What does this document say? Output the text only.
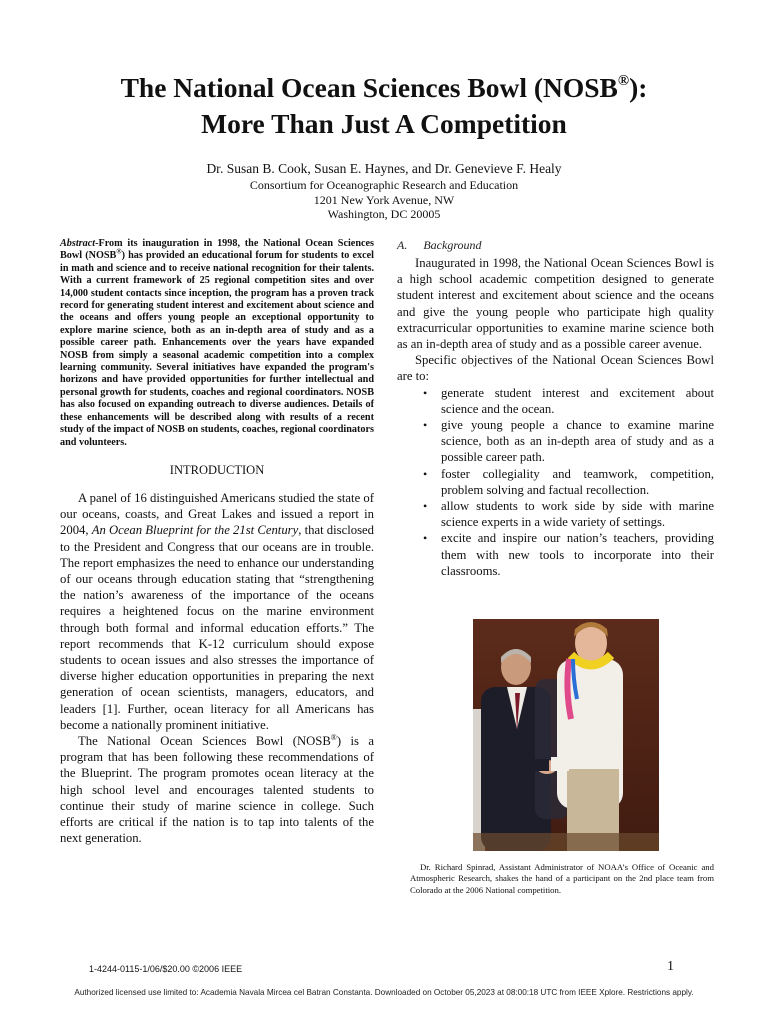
The National Ocean Sciences Bowl (NOSB®):
More Than Just A Competition
Dr. Susan B. Cook, Susan E. Haynes, and Dr. Genevieve F. Healy
Consortium for Oceanographic Research and Education
1201 New York Avenue, NW
Washington, DC 20005

Abstract-From its inauguration in 1998, the National Ocean Sciences Bowl (NOSB®) has provided an educational forum for students to excel in math and science and to receive national recognition for their talents. With a current framework of 25 regional competition sites and over 14,000 student contacts since inception, the program has a proven track record for generating student interest and excitement about science and the oceans and offers young people an exceptional opportunity to explore marine science, both as an in-depth area of study and as a possible career path. Enhancements over the years have expanded NOSB from simply a seasonal academic competition into a complex learning community. Several initiatives have expanded the program's horizons and have provided opportunities for further intellectual and personal growth for students, coaches and regional coordinators. NOSB has also focused on expanding outreach to diverse audiences. Details of these enhancements will be described along with results of a recent study of the impact of NOSB on students, coaches, regional coordinators and volunteers.

INTRODUCTION

A panel of 16 distinguished Americans studied the state of our oceans, coasts, and Great Lakes and issued a report in 2004, An Ocean Blueprint for the 21st Century, that disclosed to the President and Congress that our oceans are in trouble. The report emphasizes the need to enhance our understanding of our oceans through education stating that “strengthening the nation’s awareness of the importance of the oceans requires a heightened focus on the marine environment through both formal and informal education efforts.” The report recommends that K-12 curriculum should expose students to ocean issues and also stresses the importance of diverse higher education opportunities in preparing the next generation of ocean scientists, managers, educators, and leaders [1]. Further, ocean literacy for all Americans has become a nationally prominent initiative.

The National Ocean Sciences Bowl (NOSB®) is a program that has been following these recommendations of the Blueprint. The program promotes ocean literacy at the high school level and encourages talented students to continue their study of marine science in college. Such efforts are critical if the nation is to tap into talents of the next generation.

A. Background

Inaugurated in 1998, the National Ocean Sciences Bowl is a high school academic competition designed to generate student interest and excitement about science and the oceans and give the young people who participate high quality extracurricular opportunities to examine marine science both as an in-depth area of study and as a possible career avenue.

Specific objectives of the National Ocean Sciences Bowl are to:

• generate student interest and excitement about science and the ocean.
• give young people a chance to examine marine science, both as an in-depth area of study and as a possible career path.
• foster collegiality and teamwork, competition, problem solving and factual recollection.
• allow students to work side by side with marine science experts in a wide variety of settings.
• excite and inspire our nation’s teachers, providing them with new tools to incorporate into their classrooms.

Dr. Richard Spinrad, Assistant Administrator of NOAA’s Office of Oceanic and Atmospheric Research, shakes the hand of a participant on the 2nd place team from Colorado at the 2006 National competition.

1-4244-0115-1/06/$20.00 ©2006 IEEE	1
Authorized licensed use limited to: Academia Navala Mircea cel Batran Constanta. Downloaded on October 05,2023 at 08:00:18 UTC from IEEE Xplore. Restrictions apply.
